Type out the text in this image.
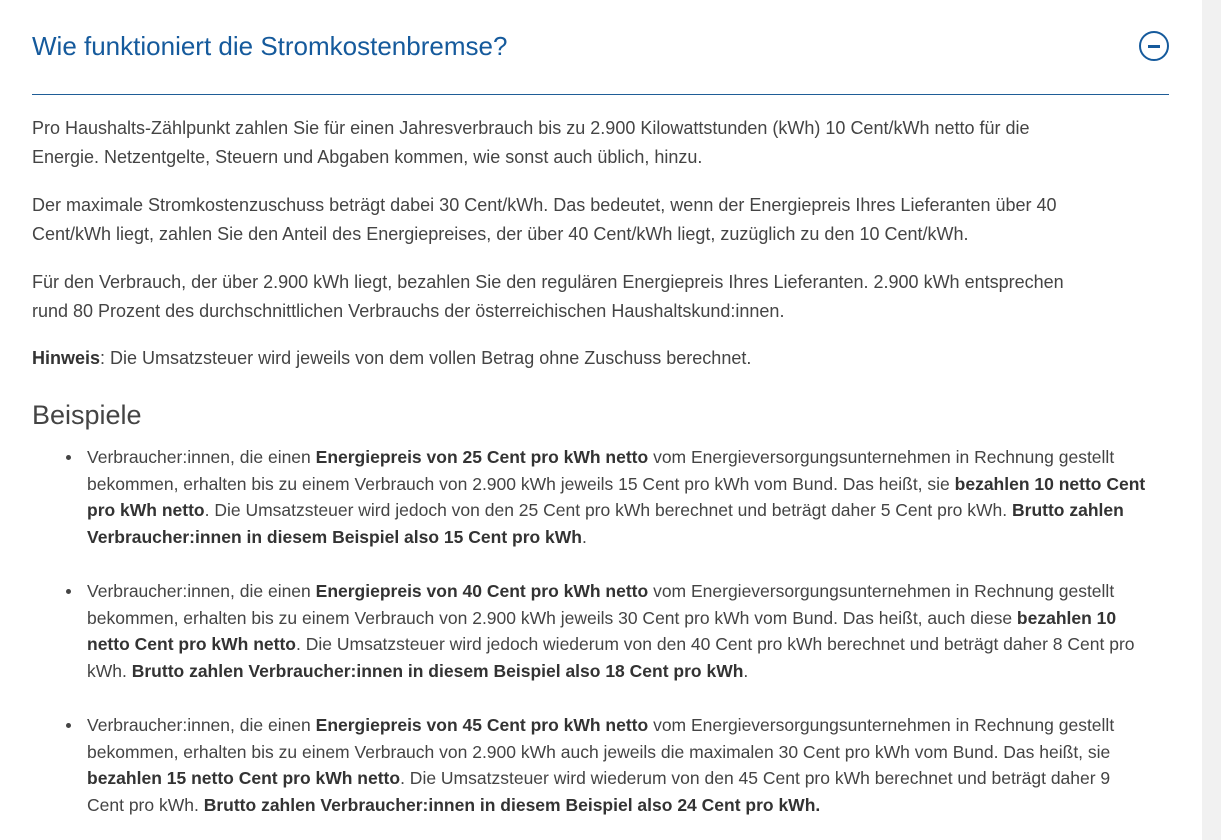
Wie funktioniert die Stromkostenbremse?

Pro Haushalts-Zählpunkt zahlen Sie für einen Jahresverbrauch bis zu 2.900 Kilowattstunden (kWh) 10 Cent/kWh netto für die
Energie. Netzentgelte, Steuern und Abgaben kommen, wie sonst auch üblich, hinzu.

Der maximale Stromkostenzuschuss beträgt dabei 30 Cent/kWh. Das bedeutet, wenn der Energiepreis Ihres Lieferanten über 40
Cent/kWh liegt, zahlen Sie den Anteil des Energiepreises, der über 40 Cent/kWh liegt, zuzüglich zu den 10 Cent/kWh.

Für den Verbrauch, der über 2.900 kWh liegt, bezahlen Sie den regulären Energiepreis Ihres Lieferanten. 2.900 kWh entsprechen
rund 80 Prozent des durchschnittlichen Verbrauchs der österreichischen Haushaltskund:innen.

Hinweis: Die Umsatzsteuer wird jeweils von dem vollen Betrag ohne Zuschuss berechnet.

Beispiele
Verbraucher:innen, die einen Energiepreis von 25 Cent pro kWh netto vom Energieversorgungsunternehmen in Rechnung gestellt
bekommen, erhalten bis zu einem Verbrauch von 2.900 kWh jeweils 15 Cent pro kWh vom Bund. Das heißt, sie bezahlen 10 netto Cent
pro kWh netto. Die Umsatzsteuer wird jedoch von den 25 Cent pro kWh berechnet und beträgt daher 5 Cent pro kWh. Brutto zahlen
Verbraucher:innen in diesem Beispiel also 15 Cent pro kWh.
Verbraucher:innen, die einen Energiepreis von 40 Cent pro kWh netto vom Energieversorgungsunternehmen in Rechnung gestellt
bekommen, erhalten bis zu einem Verbrauch von 2.900 kWh jeweils 30 Cent pro kWh vom Bund. Das heißt, auch diese bezahlen 10
netto Cent pro kWh netto. Die Umsatzsteuer wird jedoch wiederum von den 40 Cent pro kWh berechnet und beträgt daher 8 Cent pro
kWh. Brutto zahlen Verbraucher:innen in diesem Beispiel also 18 Cent pro kWh.
Verbraucher:innen, die einen Energiepreis von 45 Cent pro kWh netto vom Energieversorgungsunternehmen in Rechnung gestellt
bekommen, erhalten bis zu einem Verbrauch von 2.900 kWh auch jeweils die maximalen 30 Cent pro kWh vom Bund. Das heißt, sie
bezahlen 15 netto Cent pro kWh netto. Die Umsatzsteuer wird wiederum von den 45 Cent pro kWh berechnet und beträgt daher 9
Cent pro kWh. Brutto zahlen Verbraucher:innen in diesem Beispiel also 24 Cent pro kWh.
